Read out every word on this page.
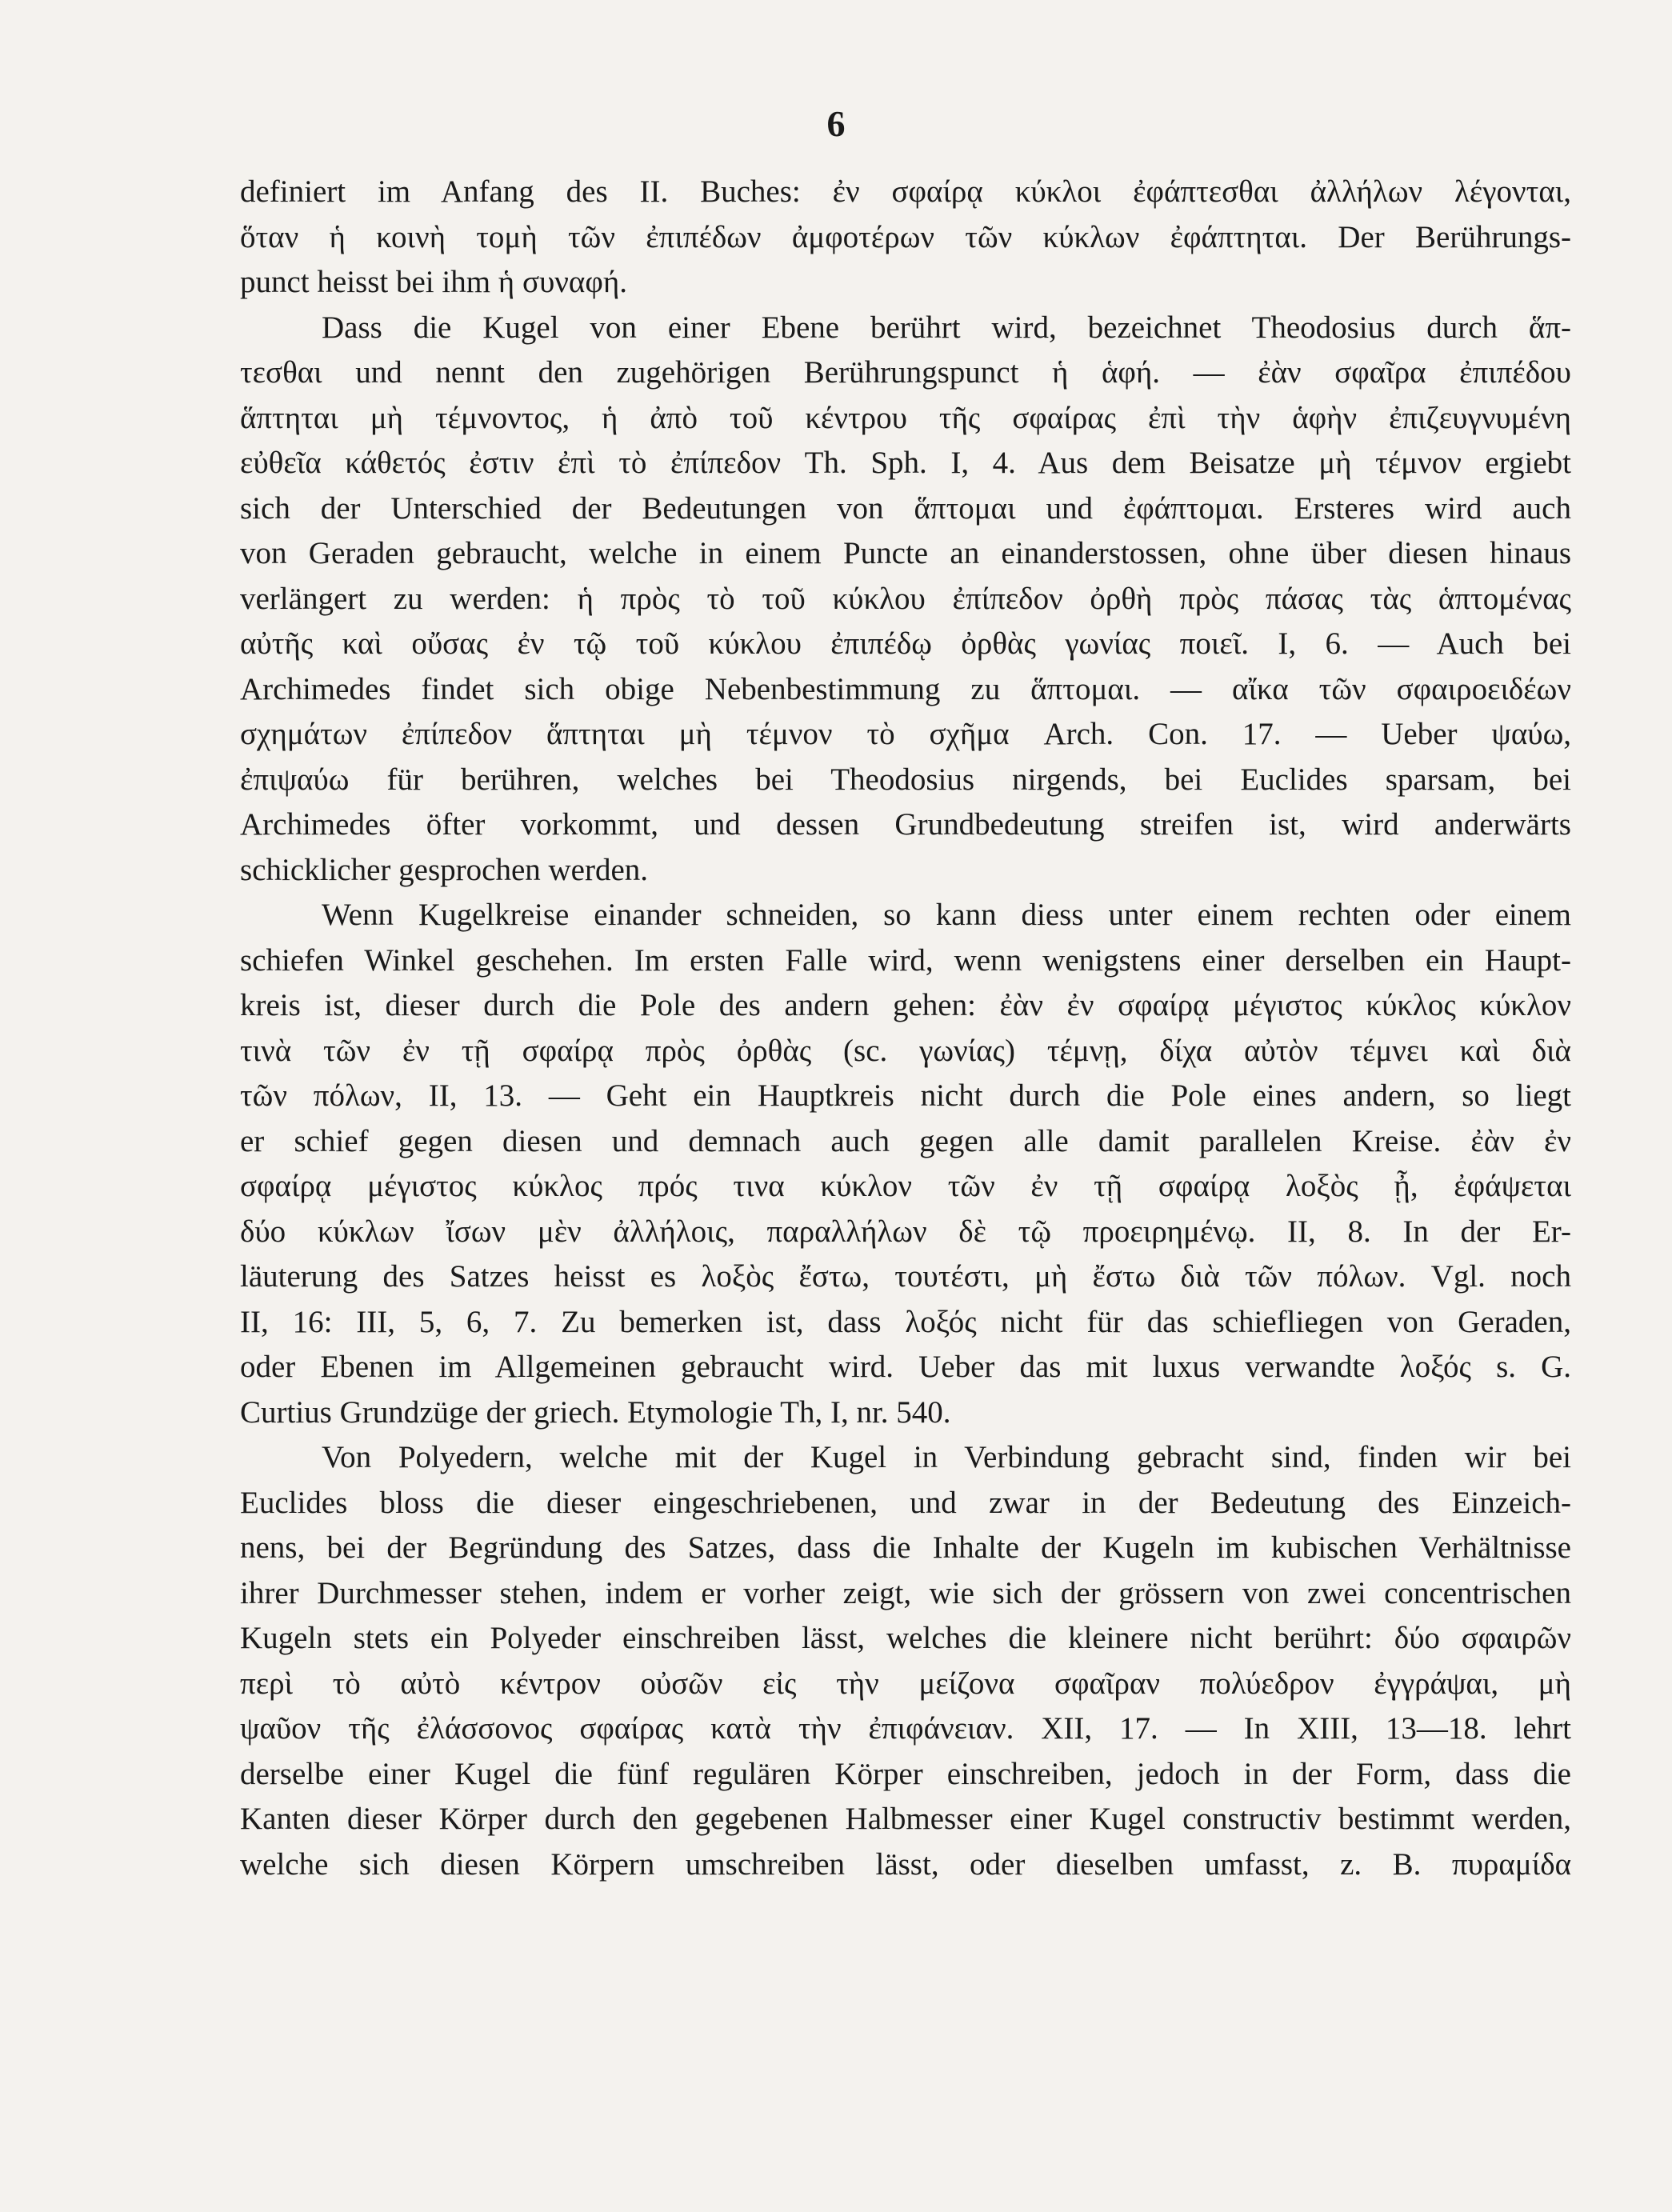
6

definiert im Anfang des II. Buches: ἐν σφαίρᾳ κύκλοι ἐφάπτεσθαι ἀλλήλων λέγονται,
ὅταν ἡ κοινὴ τομὴ τῶν ἐπιπέδων ἀμφοτέρων τῶν κύκλων ἐφάπτηται. Der Berührungs-
punct heisst bei ihm ἡ συναφή.

Dass die Kugel von einer Ebene berührt wird, bezeichnet Theodosius durch ἅπ-
τεσθαι und nennt den zugehörigen Berührungspunct ἡ ἁφή. — ἐὰν σφαῖρα ἐπιπέδου
ἅπτηται μὴ τέμνοντος, ἡ ἀπὸ τοῦ κέντρου τῆς σφαίρας ἐπὶ τὴν ἁφὴν ἐπιζευγνυμένη
εὐθεῖα κάθετός ἐστιν ἐπὶ τὸ ἐπίπεδον Th. Sph. I, 4. Aus dem Beisatze μὴ τέμνον ergiebt
sich der Unterschied der Bedeutungen von ἅπτομαι und ἐφάπτομαι. Ersteres wird auch
von Geraden gebraucht, welche in einem Puncte an einanderstossen, ohne über diesen hinaus
verlängert zu werden: ἡ πρὸς τὸ τοῦ κύκλου ἐπίπεδον ὀρθὴ πρὸς πάσας τὰς ἁπτομένας
αὐτῆς καὶ οὔσας ἐν τῷ τοῦ κύκλου ἐπιπέδῳ ὀρθὰς γωνίας ποιεῖ. I, 6. — Auch bei
Archimedes findet sich obige Nebenbestimmung zu ἅπτομαι. — αἴκα τῶν σφαιροειδέων
σχημάτων ἐπίπεδον ἅπτηται μὴ τέμνον τὸ σχῆμα Arch. Con. 17. — Ueber ψαύω,
ἐπιψαύω für berühren, welches bei Theodosius nirgends, bei Euclides sparsam, bei
Archimedes öfter vorkommt, und dessen Grundbedeutung streifen ist, wird anderwärts
schicklicher gesprochen werden.

Wenn Kugelkreise einander schneiden, so kann diess unter einem rechten oder einem
schiefen Winkel geschehen. Im ersten Falle wird, wenn wenigstens einer derselben ein Haupt-
kreis ist, dieser durch die Pole des andern gehen: ἐὰν ἐν σφαίρᾳ μέγιστος κύκλος κύκλον
τινὰ τῶν ἐν τῇ σφαίρᾳ πρὸς ὀρθὰς (sc. γωνίας) τέμνῃ, δίχα αὐτὸν τέμνει καὶ διὰ
τῶν πόλων, II, 13. — Geht ein Hauptkreis nicht durch die Pole eines andern, so liegt
er schief gegen diesen und demnach auch gegen alle damit parallelen Kreise. ἐὰν ἐν
σφαίρᾳ μέγιστος κύκλος πρός τινα κύκλον τῶν ἐν τῇ σφαίρᾳ λοξὸς ᾖ, ἐφάψεται
δύο κύκλων ἴσων μὲν ἀλλήλοις, παραλλήλων δὲ τῷ προειρημένῳ. II, 8. In der Er-
läuterung des Satzes heisst es λοξὸς ἔστω, τουτέστι, μὴ ἔστω διὰ τῶν πόλων. Vgl. noch
II, 16: III, 5, 6, 7. Zu bemerken ist, dass λοξός nicht für das schiefliegen von Geraden,
oder Ebenen im Allgemeinen gebraucht wird. Ueber das mit luxus verwandte λοξός s. G.
Curtius Grundzüge der griech. Etymologie Th, I, nr. 540.

Von Polyedern, welche mit der Kugel in Verbindung gebracht sind, finden wir bei
Euclides bloss die dieser eingeschriebenen, und zwar in der Bedeutung des Einzeich-
nens, bei der Begründung des Satzes, dass die Inhalte der Kugeln im kubischen Verhältnisse
ihrer Durchmesser stehen, indem er vorher zeigt, wie sich der grössern von zwei concentrischen
Kugeln stets ein Polyeder einschreiben lässt, welches die kleinere nicht berührt: δύο σφαιρῶν
περὶ τὸ αὐτὸ κέντρον οὐσῶν εἰς τὴν μείζονα σφαῖραν πολύεδρον ἐγγράψαι, μὴ
ψαῦον τῆς ἐλάσσονος σφαίρας κατὰ τὴν ἐπιφάνειαν. XII, 17. — In XIII, 13—18. lehrt
derselbe einer Kugel die fünf regulären Körper einschreiben, jedoch in der Form, dass die
Kanten dieser Körper durch den gegebenen Halbmesser einer Kugel constructiv bestimmt werden,
welche sich diesen Körpern umschreiben lässt, oder dieselben umfasst, z. B. πυραμίδα
